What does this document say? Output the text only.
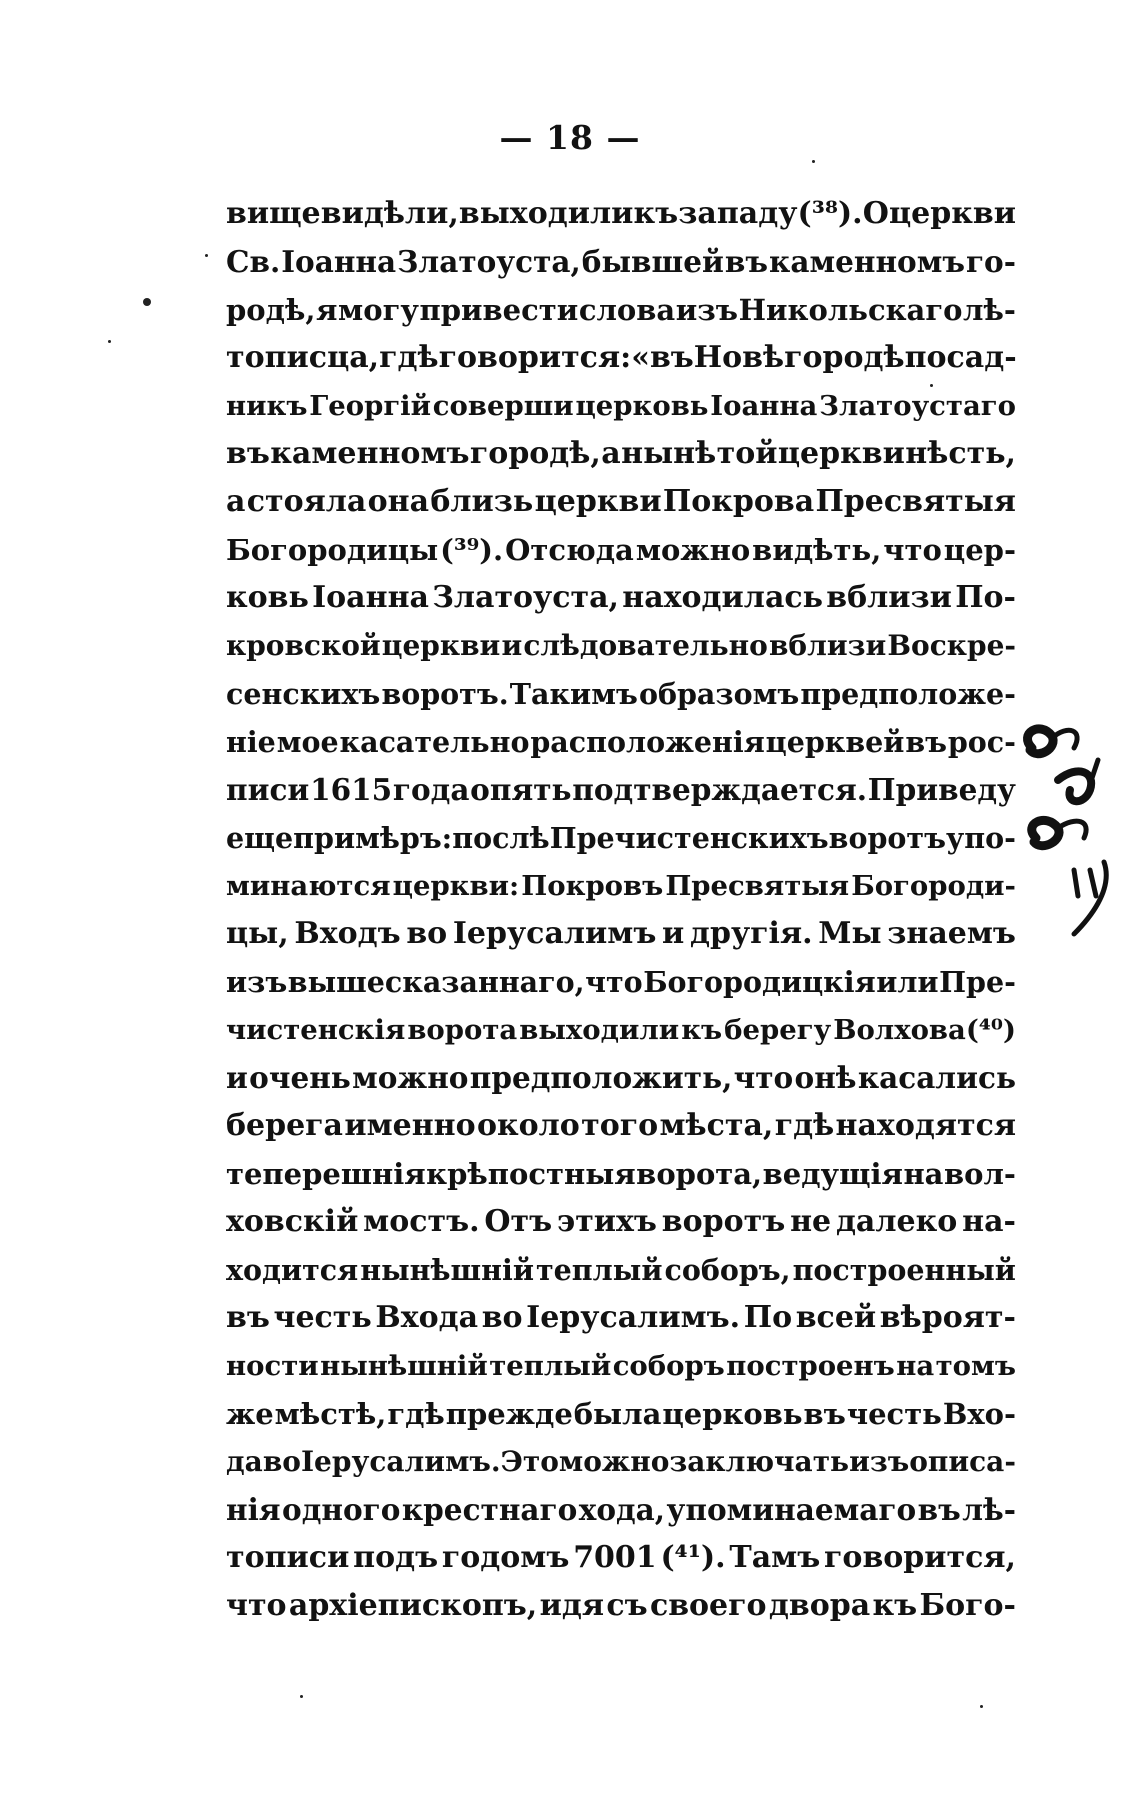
— 18 —
вище видѣли, выходили къ западу (³⁸). О церкви
Св. Іоанна Златоуста, бывшей въ каменномъ го-
родѣ, я могу привести слова изъ Никольскаго лѣ-
тописца, гдѣ говорится: «въ Новѣгородѣ посад-
никъ Георгій соверши церковь Іоанна Златоустаго
въ каменномъ городѣ, а нынѣ той церкви нѣсть,
а стояла она близь церкви Покрова Пресвятыя
Богородицы (³⁹). Отсюда можно видѣть, что цер-
ковь Іоанна Златоуста, находилась вблизи По-
кровской церкви и слѣдовательно вблизи Воскре-
сенскихъ воротъ. Такимъ образомъ предположе-
ніе мое касательно расположенія церквей въ рос-
писи 1615 года опять подтверждается. Приведу
еще примѣръ: послѣ Пречистенскихъ воротъ упо-
минаются церкви: Покровъ Пресвятыя Богороди-
цы, Входъ во Іерусалимъ и другія. Мы знаемъ
изъ вышесказаннаго, что Богородицкія или Пре-
чистенскія ворота выходили къ берегу Волхова(⁴⁰)
и очень можно предположить, что онѣ касались
берега именно около того мѣста, гдѣ находятся
теперешнія крѣпостныя ворота, ведущія на вол-
ховскій мостъ. Отъ этихъ воротъ не далеко на-
ходится нынѣшній теплый соборъ, построенный
въ честь Входа во Іерусалимъ. По всей вѣроят-
ности нынѣшній теплый соборъ построенъ на томъ
же мѣстѣ, гдѣ прежде была церковь въ честь Вхо-
да во Іерусалимъ. Это можно заключать изъ описа-
нія одного крестнаго хода, упоминаемаго въ лѣ-
тописи подъ годомъ 7001 (⁴¹). Тамъ говорится,
что архіепископъ, идя съ своего двора къ Бого-
